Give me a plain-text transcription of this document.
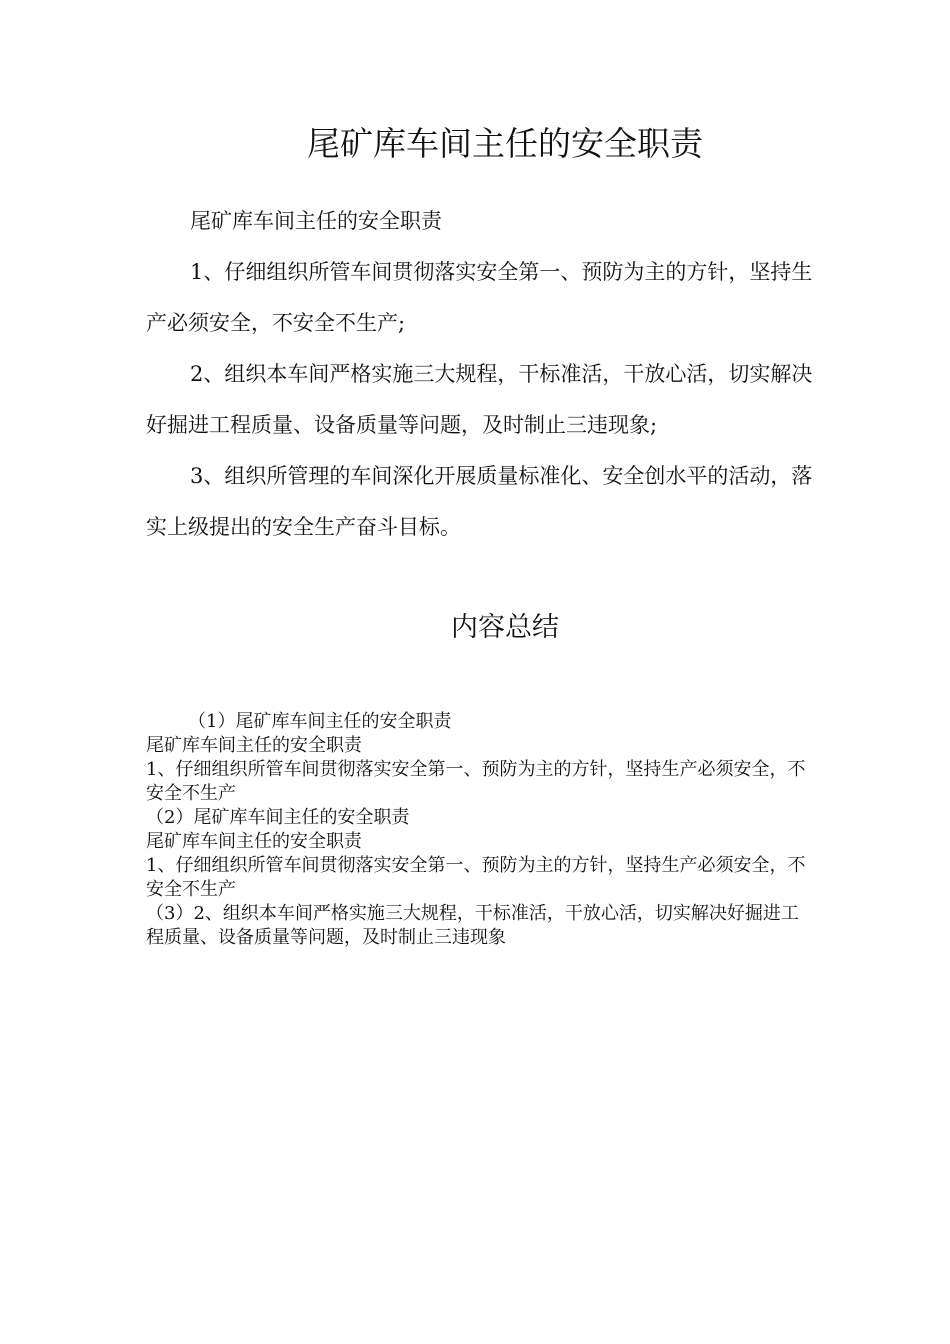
尾矿库车间主任的安全职责

尾矿库车间主任的安全职责

1、仔细组织所管车间贯彻落实安全第一、预防为主的方针，坚持生产必须安全，不安全不生产;

2、组织本车间严格实施三大规程，干标准活，干放心活，切实解决好掘进工程质量、设备质量等问题，及时制止三违现象;

3、组织所管理的车间深化开展质量标准化、安全创水平的活动，落实上级提出的安全生产奋斗目标。

内容总结

（1）尾矿库车间主任的安全职责

尾矿库车间主任的安全职责

1、仔细组织所管车间贯彻落实安全第一、预防为主的方针，坚持生产必须安全，不安全不生产

（2）尾矿库车间主任的安全职责

尾矿库车间主任的安全职责

1、仔细组织所管车间贯彻落实安全第一、预防为主的方针，坚持生产必须安全，不安全不生产

（3）2、组织本车间严格实施三大规程，干标准活，干放心活，切实解决好掘进工程质量、设备质量等问题，及时制止三违现象
